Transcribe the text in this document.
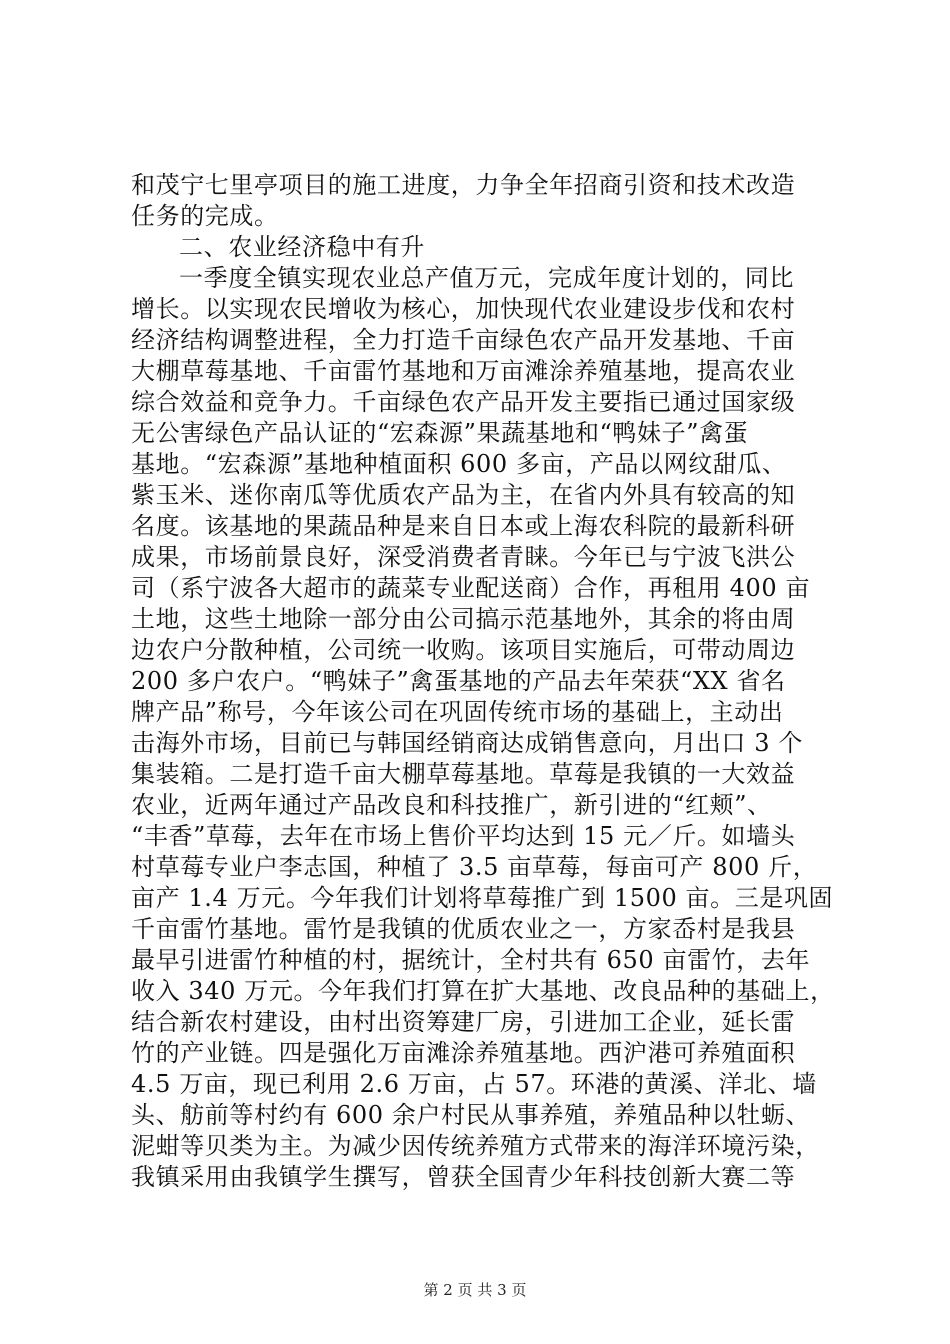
和茂宁七里亭项目的施工进度，力争全年招商引资和技术改造
任务的完成。
二、农业经济稳中有升
一季度全镇实现农业总产值万元，完成年度计划的，同比
增长。以实现农民增收为核心，加快现代农业建设步伐和农村
经济结构调整进程，全力打造千亩绿色农产品开发基地、千亩
大棚草莓基地、千亩雷竹基地和万亩滩涂养殖基地，提高农业
综合效益和竞争力。千亩绿色农产品开发主要指已通过国家级
无公害绿色产品认证的“宏森源”果蔬基地和“鸭妹子”禽蛋
基地。“宏森源”基地种植面积 600 多亩，产品以网纹甜瓜、
紫玉米、迷你南瓜等优质农产品为主，在省内外具有较高的知
名度。该基地的果蔬品种是来自日本或上海农科院的最新科研
成果，市场前景良好，深受消费者青睐。今年已与宁波飞洪公
司（系宁波各大超市的蔬菜专业配送商）合作，再租用 400 亩
土地，这些土地除一部分由公司搞示范基地外，其余的将由周
边农户分散种植，公司统一收购。该项目实施后，可带动周边
200 多户农户。“鸭妹子”禽蛋基地的产品去年荣获“XX 省名
牌产品”称号，今年该公司在巩固传统市场的基础上，主动出
击海外市场，目前已与韩国经销商达成销售意向，月出口 3 个
集装箱。二是打造千亩大棚草莓基地。草莓是我镇的一大效益
农业，近两年通过产品改良和科技推广，新引进的“红颊”、
“丰香”草莓，去年在市场上售价平均达到 15 元／斤。如墙头
村草莓专业户李志国，种植了 3.5 亩草莓，每亩可产 800 斤，
亩产 1.4 万元。今年我们计划将草莓推广到 1500 亩。三是巩固
千亩雷竹基地。雷竹是我镇的优质农业之一，方家岙村是我县
最早引进雷竹种植的村，据统计，全村共有 650 亩雷竹，去年
收入 340 万元。今年我们打算在扩大基地、改良品种的基础上，
结合新农村建设，由村出资筹建厂房，引进加工企业，延长雷
竹的产业链。四是强化万亩滩涂养殖基地。西沪港可养殖面积
4.5 万亩，现已利用 2.6 万亩，占 57。环港的黄溪、洋北、墙
头、舫前等村约有 600 余户村民从事养殖，养殖品种以牡蛎、
泥蚶等贝类为主。为减少因传统养殖方式带来的海洋环境污染，
我镇采用由我镇学生撰写，曾获全国青少年科技创新大赛二等
第 2 页 共 3 页
